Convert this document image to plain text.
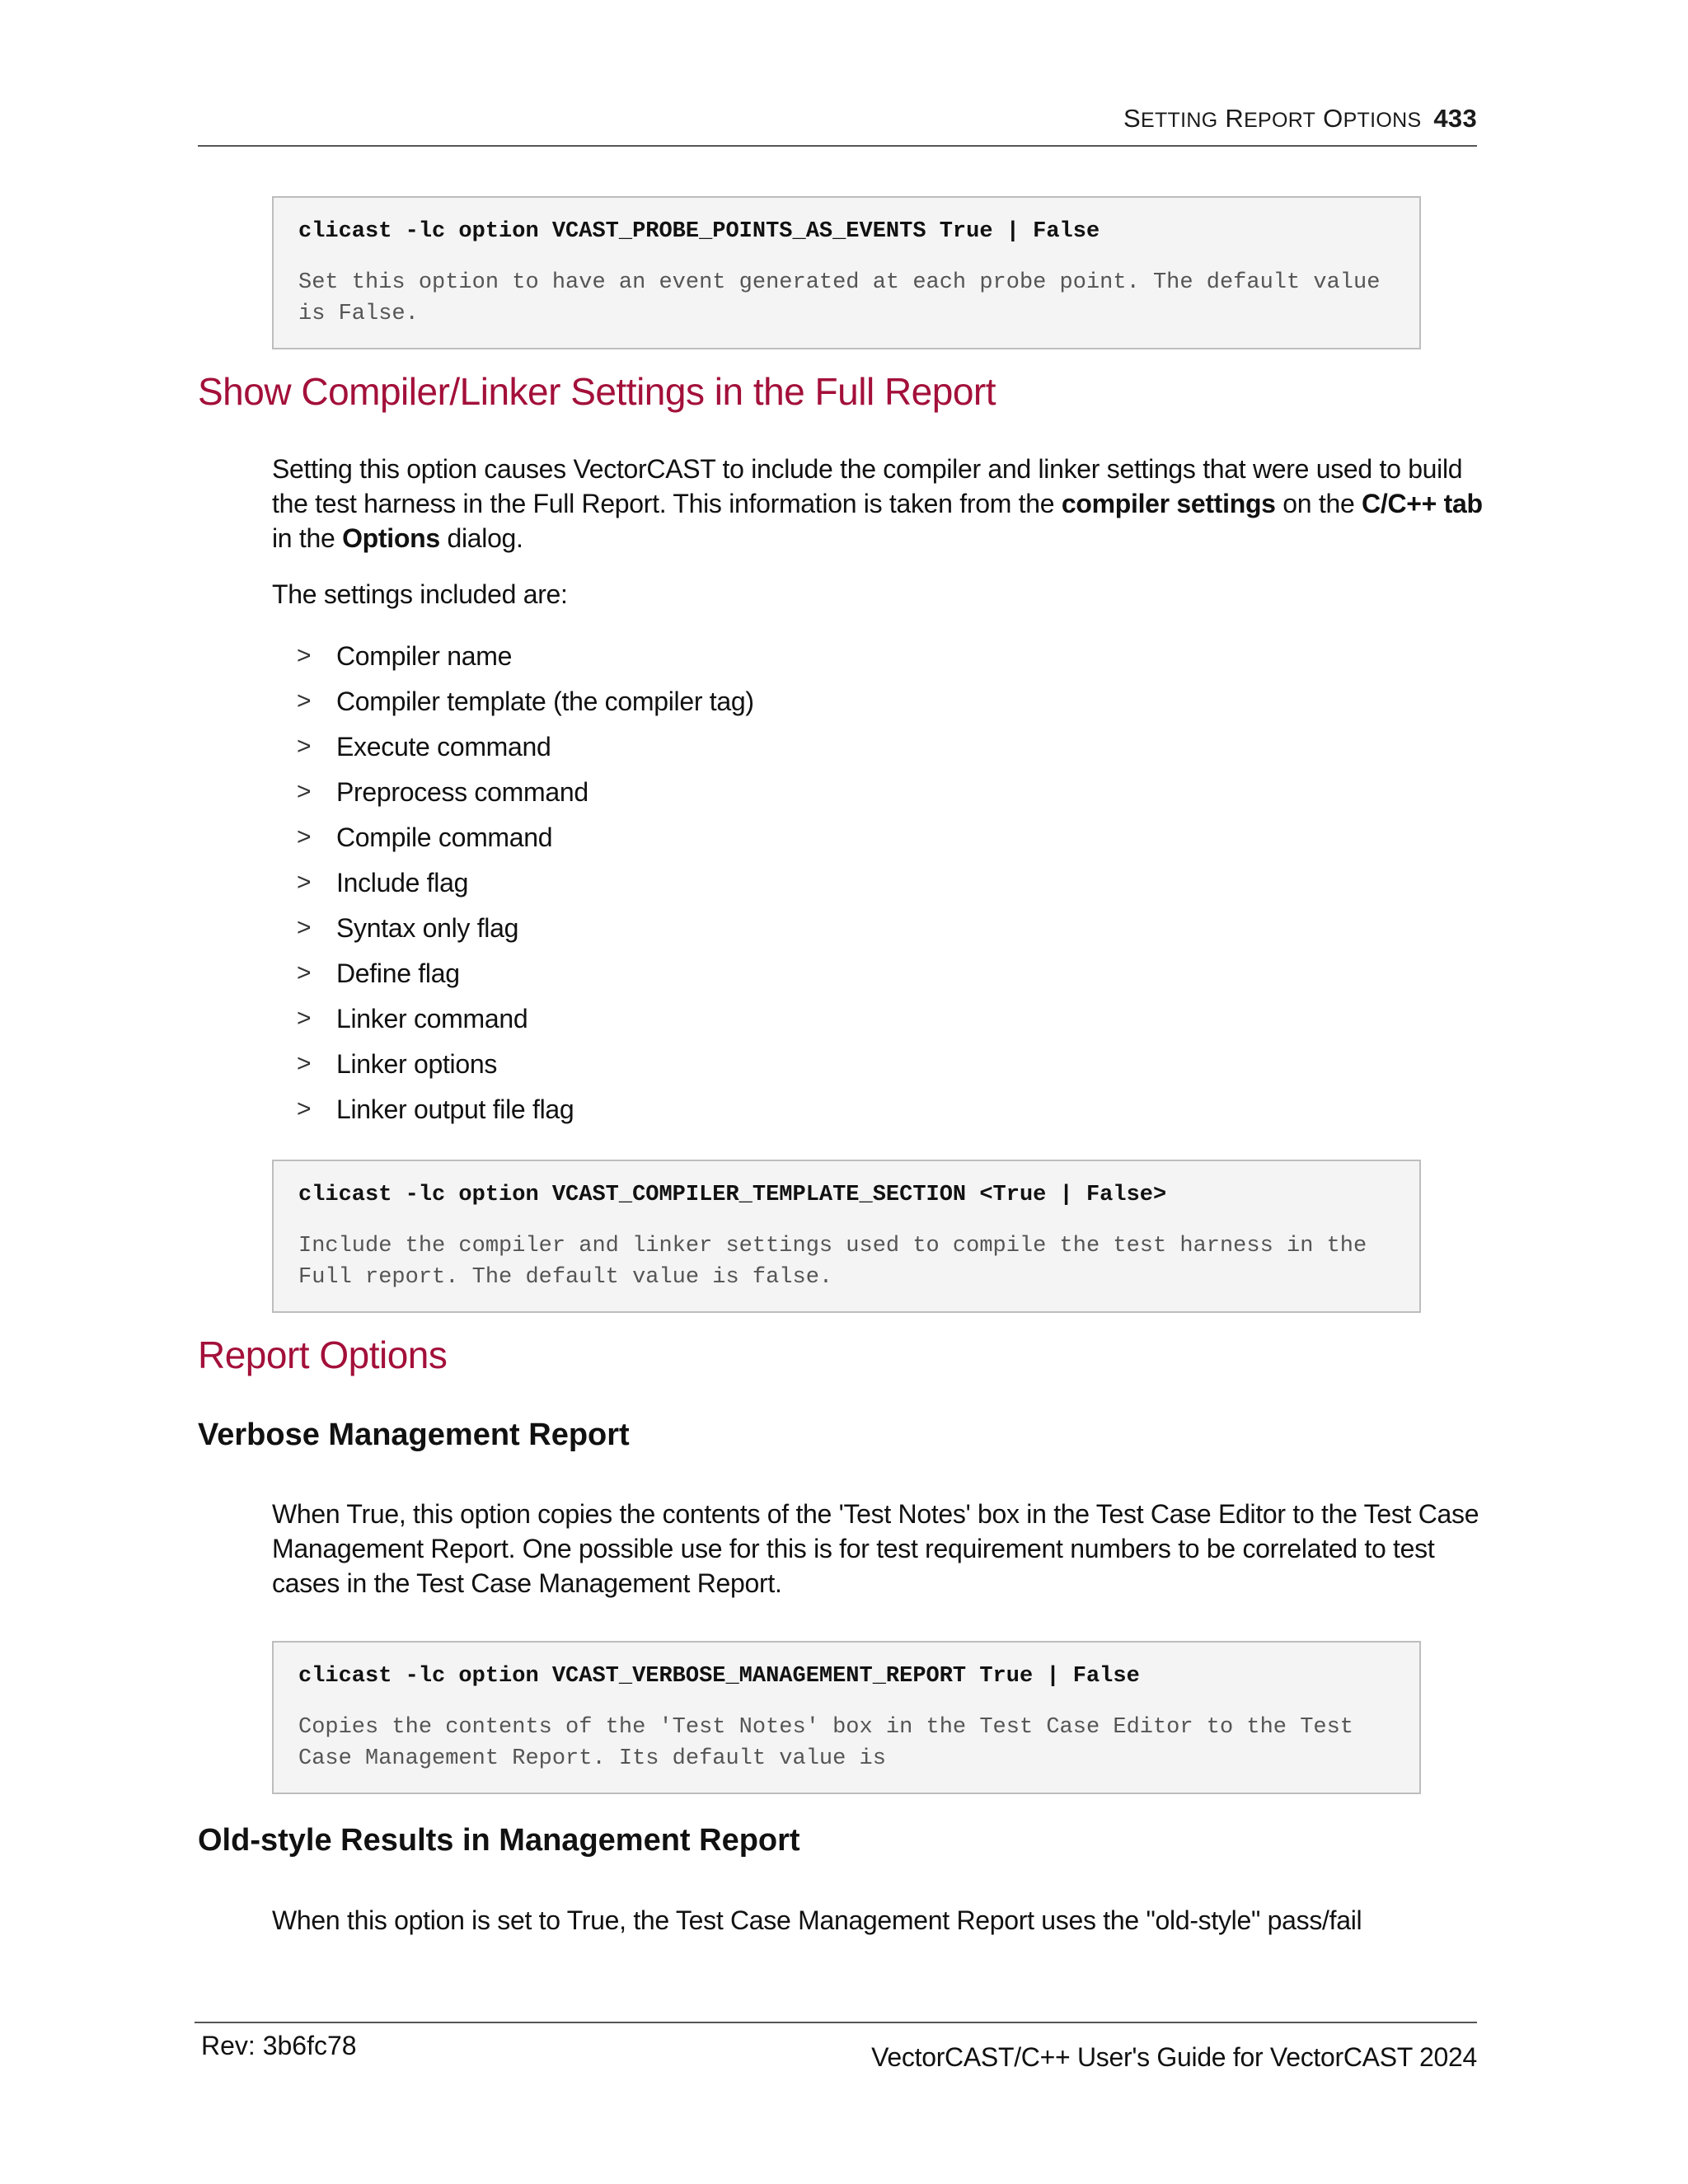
SETTING REPORT OPTIONS 433
clicast -lc option VCAST_PROBE_POINTS_AS_EVENTS True | False
Set this option to have an event generated at each probe point. The default value is False.
Show Compiler/Linker Settings in the Full Report
Setting this option causes VectorCAST to include the compiler and linker settings that were used to build the test harness in the Full Report. This information is taken from the compiler settings on the C/C++ tab in the Options dialog.
The settings included are:
> Compiler name
> Compiler template (the compiler tag)
> Execute command
> Preprocess command
> Compile command
> Include flag
> Syntax only flag
> Define flag
> Linker command
> Linker options
> Linker output file flag
clicast -lc option VCAST_COMPILER_TEMPLATE_SECTION <True | False>
Include the compiler and linker settings used to compile the test harness in the Full report. The default value is false.
Report Options
Verbose Management Report
When True, this option copies the contents of the 'Test Notes' box in the Test Case Editor to the Test Case Management Report. One possible use for this is for test requirement numbers to be correlated to test cases in the Test Case Management Report.
clicast -lc option VCAST_VERBOSE_MANAGEMENT_REPORT True | False
Copies the contents of the 'Test Notes' box in the Test Case Editor to the Test Case Management Report. Its default value is
Old-style Results in Management Report
When this option is set to True, the Test Case Management Report uses the "old-style" pass/fail
Rev: 3b6fc78	VectorCAST/C++ User's Guide for VectorCAST 2024
